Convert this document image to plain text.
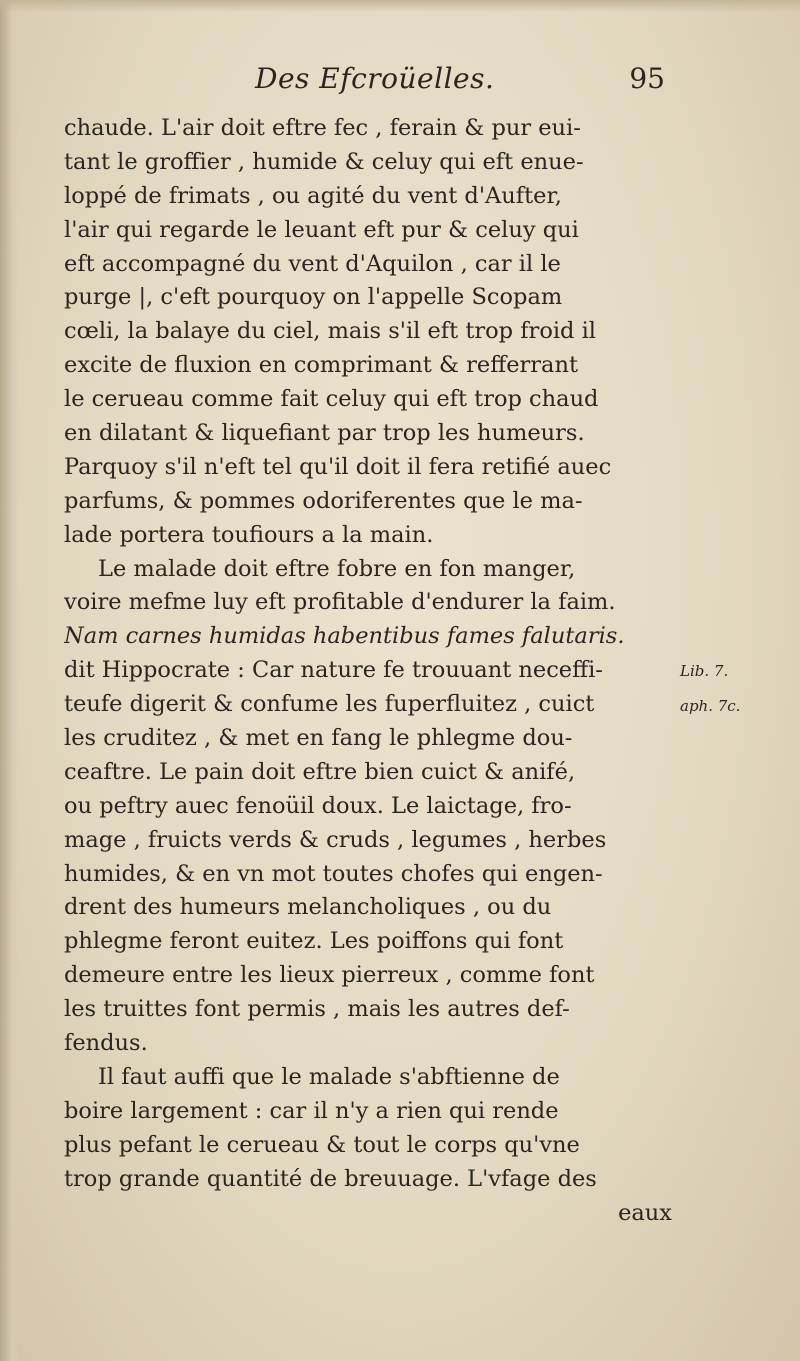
Des Efcroüelles.	95
chaude. L'air doit eftre fec , ferain & pur eui-
tant le groffier , humide & celuy qui eft enue-
loppé de frimats , ou agité du vent d'Aufter,
l'air qui regarde le leuant eft pur & celuy qui
eft accompagné du vent d'Aquilon , car il le
purge |, c'eft pourquoy on l'appelle Scopam
cœli, la balaye du ciel, mais s'il eft trop froid il
excite de fluxion en comprimant & refferrant
le cerueau comme fait celuy qui eft trop chaud
en dilatant & liquefiant par trop les humeurs.
Parquoy s'il n'eft tel qu'il doit il fera retifié auec
parfums, & pommes odoriferentes que le ma-
lade portera toufiours a la main.
Le malade doit eftre fobre en fon manger,
voire mefme luy eft profitable d'endurer la faim.
Nam carnes humidas habentibus fames falutaris.
dit Hippocrate : Car nature fe trouuant neceffi-
teufe digerit & confume les fuperfluitez , cuict
les cruditez , & met en fang le phlegme dou-
ceaftre. Le pain doit eftre bien cuict & anifé,
ou peftry auec fenoüil doux. Le laictage, fro-
mage , fruicts verds & cruds , legumes , herbes
humides, & en vn mot toutes chofes qui engen-
drent des humeurs melancholiques , ou du
phlegme feront euitez. Les poiffons qui font
demeure entre les lieux pierreux , comme font
les truittes font permis , mais les autres def-
fendus.
Il faut auffi que le malade s'abftienne de
boire largement : car il n'y a rien qui rende
plus pefant le cerueau & tout le corps qu'vne
trop grande quantité de breuuage. L'vfage des
eaux
Lib. 7.
aph. 7c.
